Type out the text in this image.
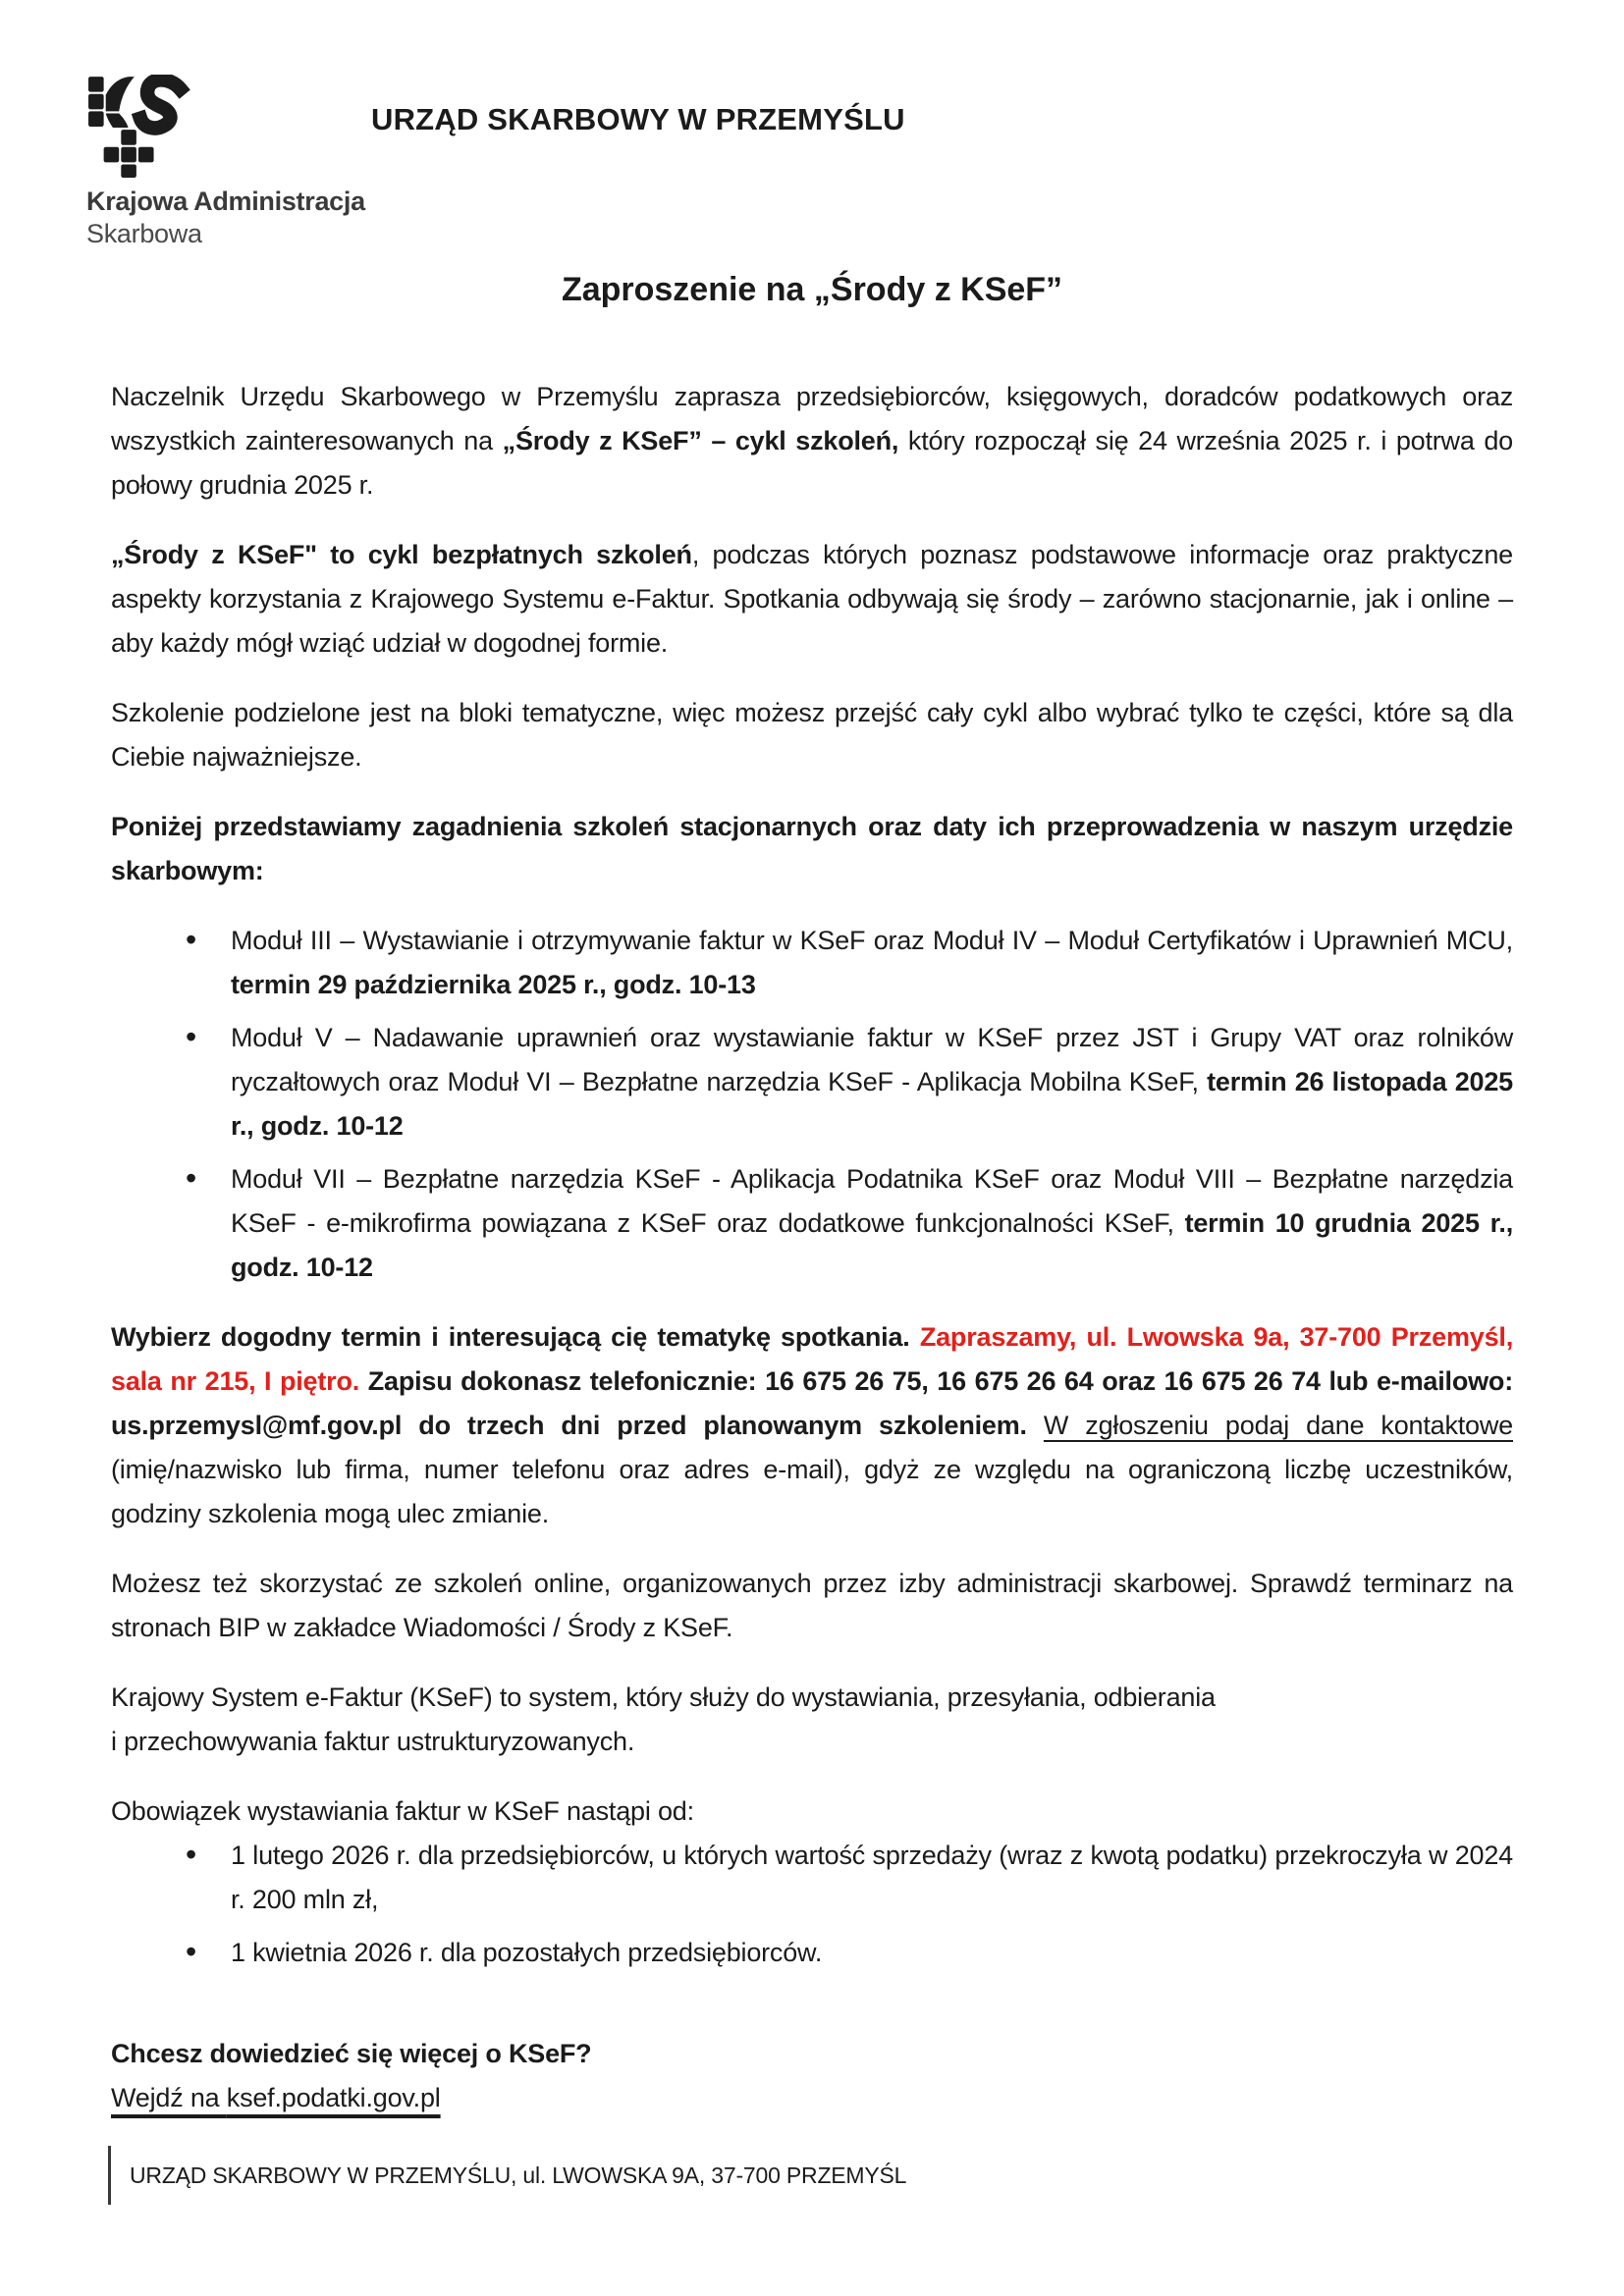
Krajowa Administracja
Skarbowa
URZĄD SKARBOWY W PRZEMYŚLU
Zaproszenie na „Środy z KSeF”

Naczelnik Urzędu Skarbowego w Przemyślu zaprasza przedsiębiorców, księgowych, doradców podatkowych oraz wszystkich zainteresowanych na „Środy z KSeF” – cykl szkoleń, który rozpoczął się 24 września 2025 r. i potrwa do połowy grudnia 2025 r.

„Środy z KSeF" to cykl bezpłatnych szkoleń, podczas których poznasz podstawowe informacje oraz praktyczne aspekty korzystania z Krajowego Systemu e-Faktur. Spotkania odbywają się środy – zarówno stacjonarnie, jak i online – aby każdy mógł wziąć udział w dogodnej formie.

Szkolenie podzielone jest na bloki tematyczne, więc możesz przejść cały cykl albo wybrać tylko te części, które są dla Ciebie najważniejsze.

Poniżej przedstawiamy zagadnienia szkoleń stacjonarnych oraz daty ich przeprowadzenia w naszym urzędzie skarbowym:

• Moduł III – Wystawianie i otrzymywanie faktur w KSeF oraz Moduł IV – Moduł Certyfikatów i Uprawnień MCU, termin 29 października 2025 r., godz. 10-13
• Moduł V – Nadawanie uprawnień oraz wystawianie faktur w KSeF przez JST i Grupy VAT oraz rolników ryczałtowych oraz Moduł VI – Bezpłatne narzędzia KSeF - Aplikacja Mobilna KSeF, termin 26 listopada 2025 r., godz. 10-12
• Moduł VII – Bezpłatne narzędzia KSeF - Aplikacja Podatnika KSeF oraz Moduł VIII – Bezpłatne narzędzia KSeF - e-mikrofirma powiązana z KSeF oraz dodatkowe funkcjonalności KSeF, termin 10 grudnia 2025 r., godz. 10-12

Wybierz dogodny termin i interesującą cię tematykę spotkania. Zapraszamy, ul. Lwowska 9a, 37-700 Przemyśl, sala nr 215, I piętro. Zapisu dokonasz telefonicznie: 16 675 26 75, 16 675 26 64 oraz 16 675 26 74 lub e-mailowo: us.przemysl@mf.gov.pl do trzech dni przed planowanym szkoleniem. W zgłoszeniu podaj dane kontaktowe (imię/nazwisko lub firma, numer telefonu oraz adres e-mail), gdyż ze względu na ograniczoną liczbę uczestników, godziny szkolenia mogą ulec zmianie.

Możesz też skorzystać ze szkoleń online, organizowanych przez izby administracji skarbowej. Sprawdź terminarz na stronach BIP w zakładce Wiadomości / Środy z KSeF.

Krajowy System e-Faktur (KSeF) to system, który służy do wystawiania, przesyłania, odbierania
i przechowywania faktur ustrukturyzowanych.

Obowiązek wystawiania faktur w KSeF nastąpi od:

• 1 lutego 2026 r. dla przedsiębiorców, u których wartość sprzedaży (wraz z kwotą podatku) przekroczyła w 2024 r. 200 mln zł,
• 1 kwietnia 2026 r. dla pozostałych przedsiębiorców.

Chcesz dowiedzieć się więcej o KSeF?

Wejdź na ksef.podatki.gov.pl

URZĄD SKARBOWY W PRZEMYŚLU, ul. LWOWSKA 9A, 37-700 PRZEMYŚL
